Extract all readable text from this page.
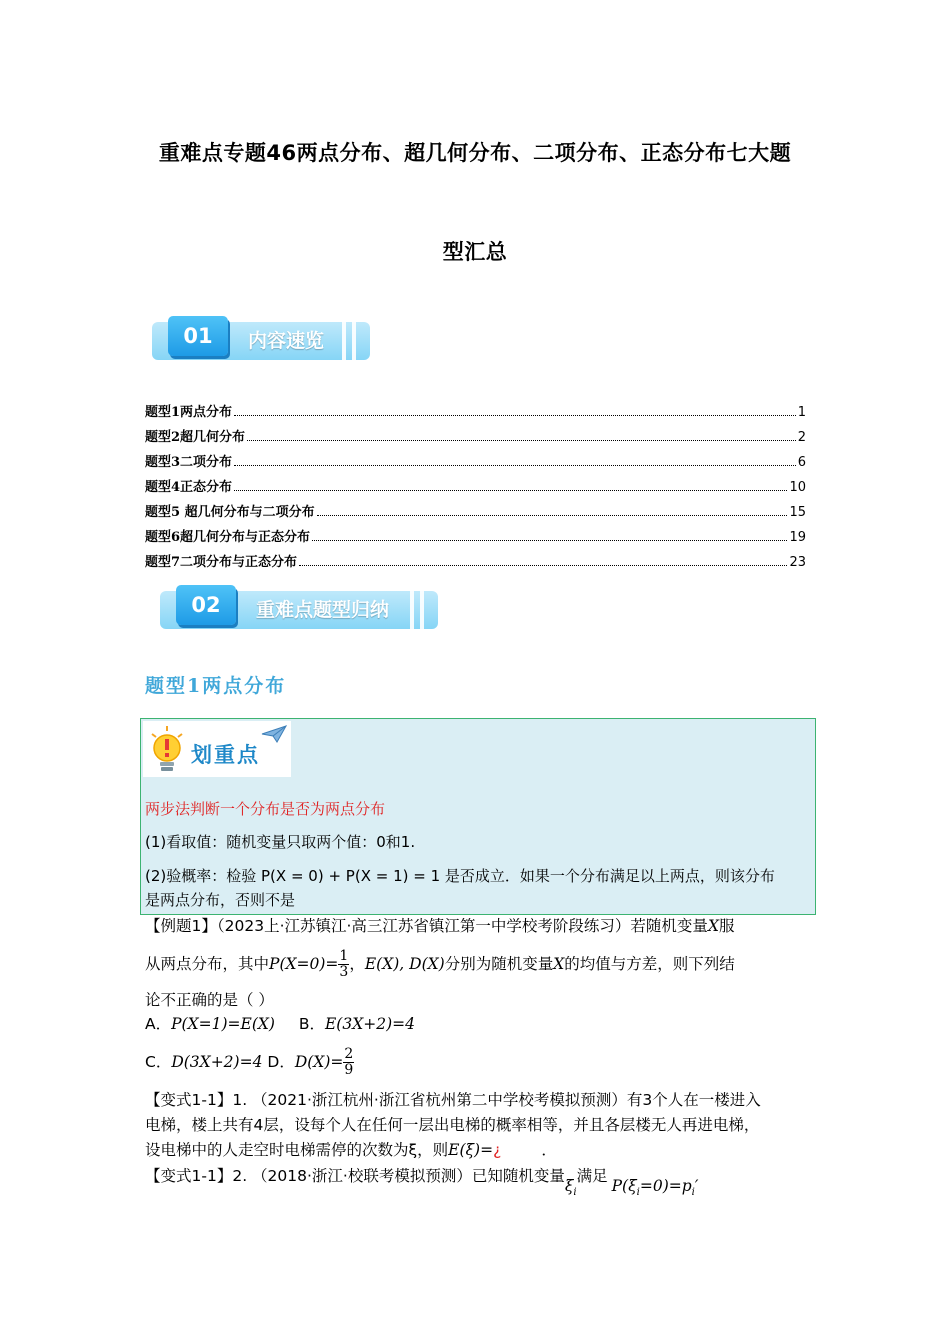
重难点专题46两点分布、超几何分布、二项分布、正态分布七大题
型汇总
01	内容速览
题型1两点分布	1
题型2超几何分布	2
题型3二项分布	6
题型4正态分布	10
题型5 超几何分布与二项分布	15
题型6超几何分布与正态分布	19
题型7二项分布与正态分布	23
02	重难点题型归纳
题型1两点分布
划重点

两步法判断一个分布是否为两点分布

(1)看取值：随机变量只取两个值：0和1.

(2)验概率：检验 P(X = 0) + P(X = 1) = 1 是否成立．如果一个分布满足以上两点，则该分布

是两点分布，否则不是

【例题1】（2023上·江苏镇江·高三江苏省镇江第一中学校考阶段练习）若随机变量X服
从两点分布，其中$P(X=0)= \frac{1}{3}$ ，E(X), D(X)分别为随机变量X的均值与方差，则下列结
论不正确的是（ ）
A．P(X=1)=E(X) B．E(3X+2)=4
C．D(3X+2)=4 D．$D(X)= \frac{2}{9}$
【变式1-1】1. （2021·浙江杭州·浙江省杭州第二中学校考模拟预测）有3个人在一楼进入
电梯，楼上共有4层，设每个人在任何一层出电梯的概率相等，并且各层楼无人再进电梯，
设电梯中的人走空时电梯需停的次数为ξ，则E(ξ)=¿	．
【变式1-1】2. （2018·浙江·校联考模拟预测）已知随机变量$\xi_i$满足$P(\xi_i=0)=p_i'$
